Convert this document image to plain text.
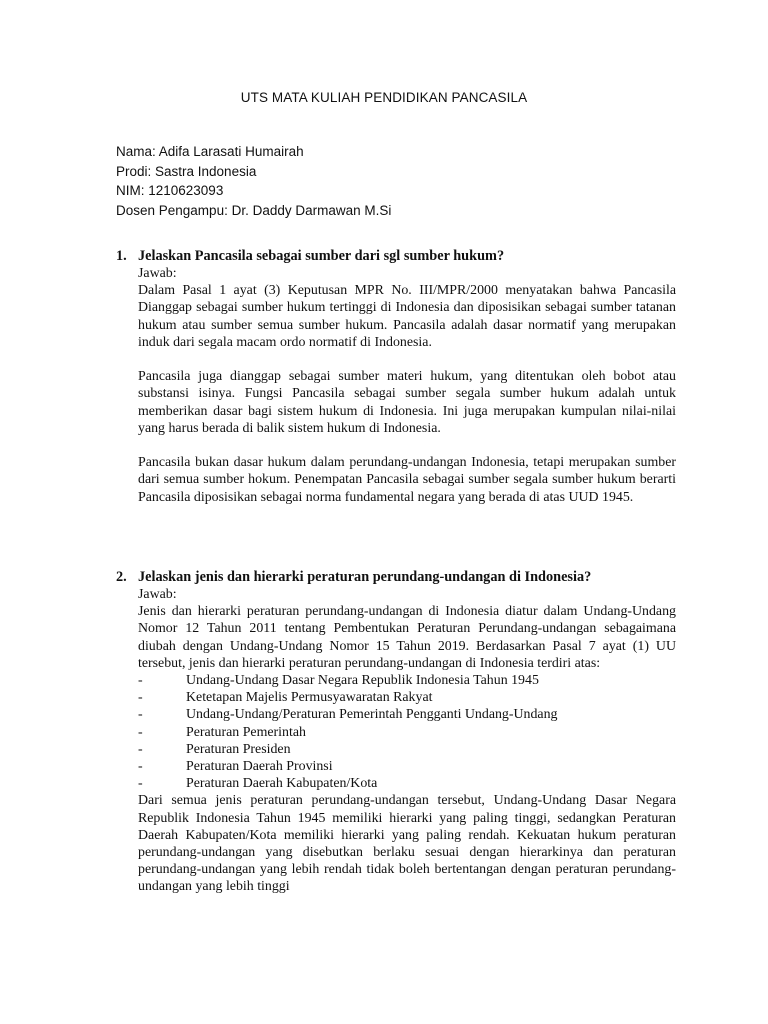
UTS MATA KULIAH PENDIDIKAN PANCASILA
Nama: Adifa Larasati Humairah
Prodi: Sastra Indonesia
NIM: 1210623093
Dosen Pengampu: Dr. Daddy Darmawan M.Si
1. Jelaskan Pancasila sebagai sumber dari sgl sumber hukum?

Jawab:

Dalam Pasal 1 ayat (3) Keputusan MPR No. III/MPR/2000 menyatakan bahwa Pancasila Dianggap sebagai sumber hukum tertinggi di Indonesia dan diposisikan sebagai sumber tatanan hukum atau sumber semua sumber hukum. Pancasila adalah dasar normatif yang merupakan induk dari segala macam ordo normatif di Indonesia.

Pancasila juga dianggap sebagai sumber materi hukum, yang ditentukan oleh bobot atau substansi isinya. Fungsi Pancasila sebagai sumber segala sumber hukum adalah untuk memberikan dasar bagi sistem hukum di Indonesia. Ini juga merupakan kumpulan nilai-nilai yang harus berada di balik sistem hukum di Indonesia.

Pancasila bukan dasar hukum dalam perundang-undangan Indonesia, tetapi merupakan sumber dari semua sumber hokum. Penempatan Pancasila sebagai sumber segala sumber hukum berarti Pancasila diposisikan sebagai norma fundamental negara yang berada di atas UUD 1945.

2. Jelaskan jenis dan hierarki peraturan perundang-undangan di Indonesia?

Jawab:

Jenis dan hierarki peraturan perundang-undangan di Indonesia diatur dalam Undang-Undang Nomor 12 Tahun 2011 tentang Pembentukan Peraturan Perundang-undangan sebagaimana diubah dengan Undang-Undang Nomor 15 Tahun 2019. Berdasarkan Pasal 7 ayat (1) UU tersebut, jenis dan hierarki peraturan perundang-undangan di Indonesia terdiri atas:

-	Undang-Undang Dasar Negara Republik Indonesia Tahun 1945
-	Ketetapan Majelis Permusyawaratan Rakyat
-	Undang-Undang/Peraturan Pemerintah Pengganti Undang-Undang
-	Peraturan Pemerintah
-	Peraturan Presiden
-	Peraturan Daerah Provinsi
-	Peraturan Daerah Kabupaten/Kota

Dari semua jenis peraturan perundang-undangan tersebut, Undang-Undang Dasar Negara Republik Indonesia Tahun 1945 memiliki hierarki yang paling tinggi, sedangkan Peraturan Daerah Kabupaten/Kota memiliki hierarki yang paling rendah. Kekuatan hukum peraturan perundang-undangan yang disebutkan berlaku sesuai dengan hierarkinya dan peraturan perundang-undangan yang lebih rendah tidak boleh bertentangan dengan peraturan perundang-undangan yang lebih tinggi
